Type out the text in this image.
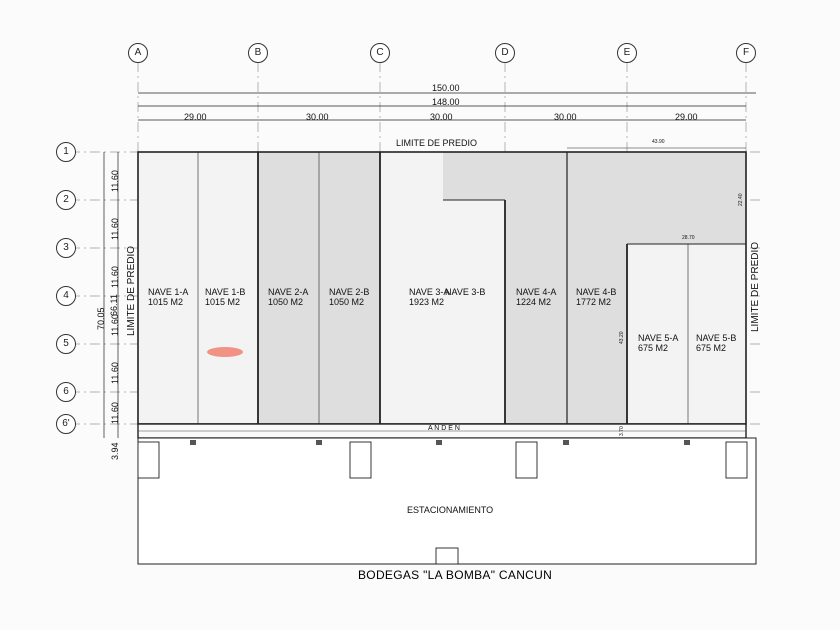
A	B	C	D	E	F
1
2
3
4
5
6
6'
150.00
148.00
29.00	30.00	30.00	30.00	29.00
70.05
66.11
3.94
11.60
11.60
11.60
11.60
11.60
11.60
43.90
28.70
22.40
43.20
3.70
LIMITE DE PREDIO
LIMITE DE PREDIO	LIMITE DE PREDIO
A N D E N
ESTACIONAMIENTO
NAVE 1-A
1015 M2
NAVE 1-B
1015 M2
NAVE 2-A
1050 M2
NAVE 2-B
1050 M2
NAVE 3-A
1923 M2
NAVE 3-B	NAVE 4-A
1224 M2
NAVE 4-B
1772 M2
NAVE 5-A
675 M2
NAVE 5-B
675 M2
BODEGAS "LA BOMBA" CANCUN
